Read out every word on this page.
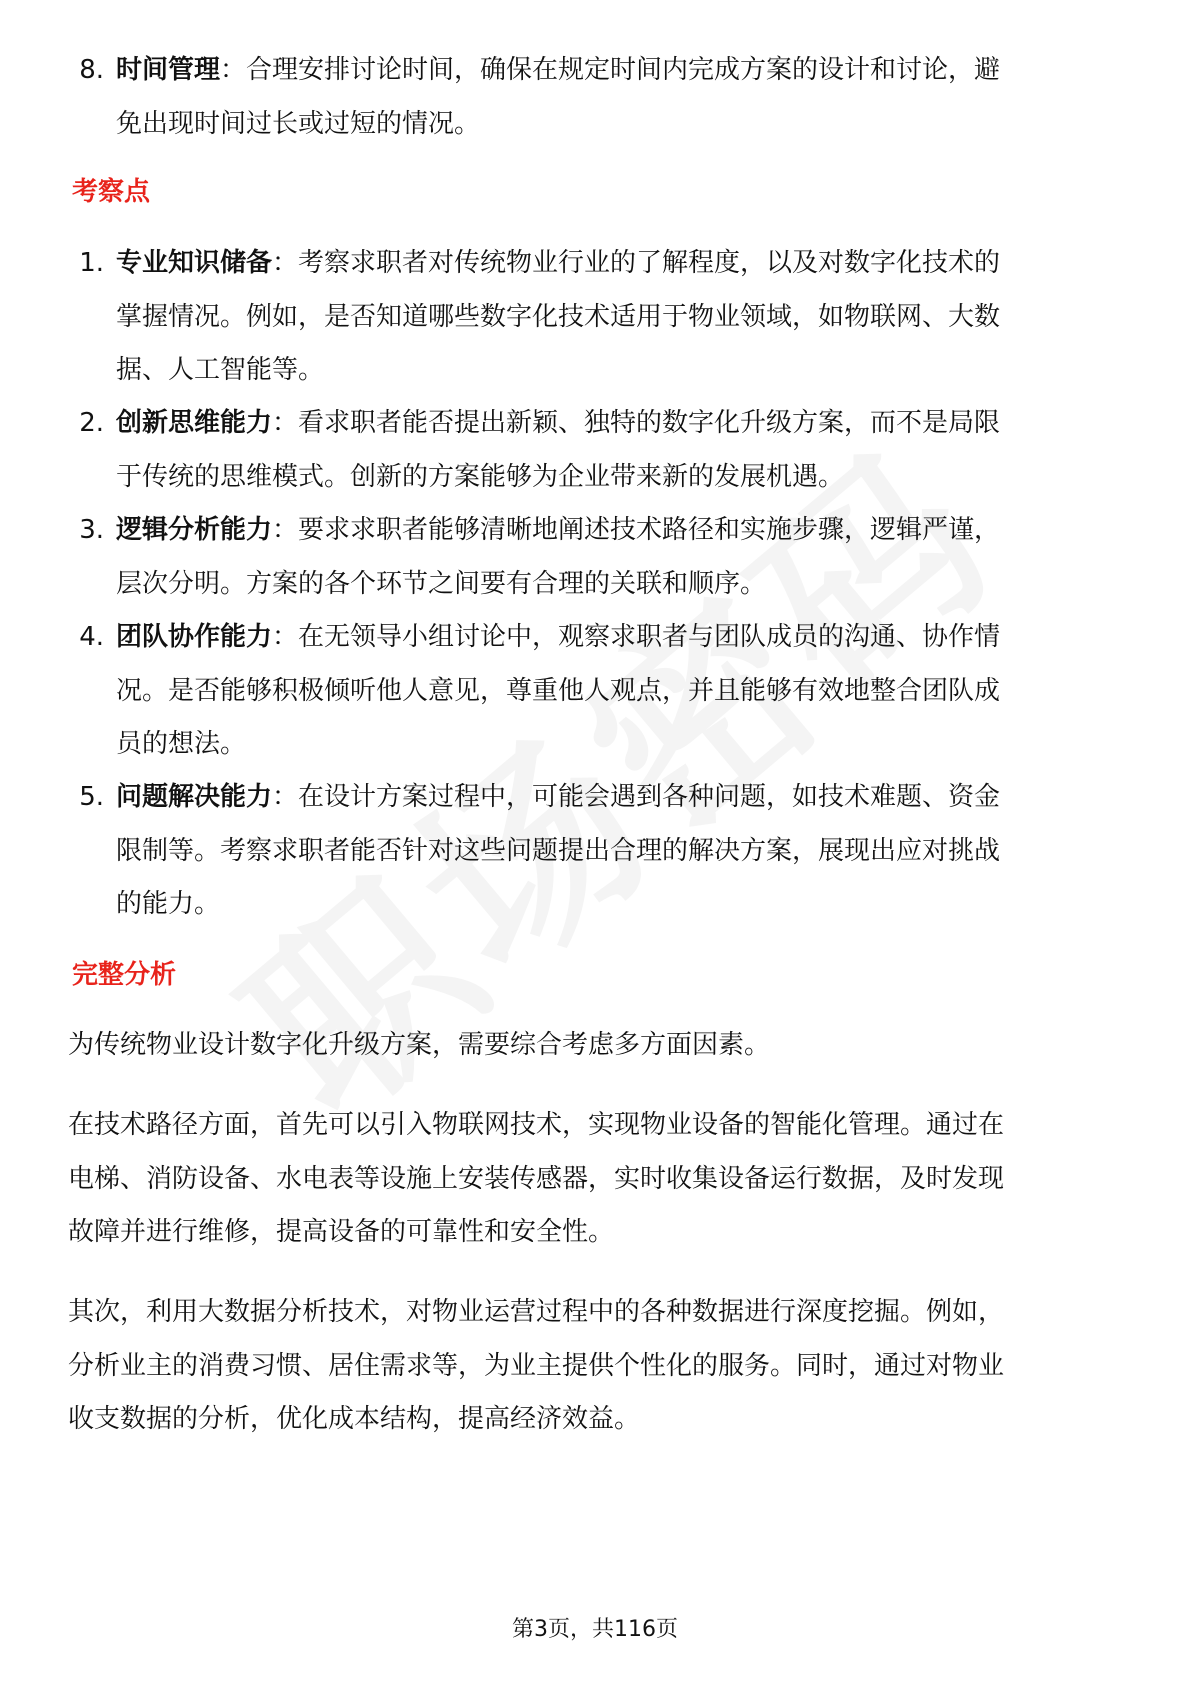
8. 时间管理：合理安排讨论时间，确保在规定时间内完成方案的设计和讨论，避
免出现时间过长或过短的情况。
考察点
1. 专业知识储备：考察求职者对传统物业行业的了解程度，以及对数字化技术的
掌握情况。例如，是否知道哪些数字化技术适用于物业领域，如物联网、大数
据、人工智能等。
2. 创新思维能力：看求职者能否提出新颖、独特的数字化升级方案，而不是局限
于传统的思维模式。创新的方案能够为企业带来新的发展机遇。
3. 逻辑分析能力：要求求职者能够清晰地阐述技术路径和实施步骤，逻辑严谨，
层次分明。方案的各个环节之间要有合理的关联和顺序。
4. 团队协作能力：在无领导小组讨论中，观察求职者与团队成员的沟通、协作情
况。是否能够积极倾听他人意见，尊重他人观点，并且能够有效地整合团队成
员的想法。
5. 问题解决能力：在设计方案过程中，可能会遇到各种问题，如技术难题、资金
限制等。考察求职者能否针对这些问题提出合理的解决方案，展现出应对挑战
的能力。
完整分析
为传统物业设计数字化升级方案，需要综合考虑多方面因素。
在技术路径方面，首先可以引入物联网技术，实现物业设备的智能化管理。通过在
电梯、消防设备、水电表等设施上安装传感器，实时收集设备运行数据，及时发现
故障并进行维修，提高设备的可靠性和安全性。
其次，利用大数据分析技术，对物业运营过程中的各种数据进行深度挖掘。例如，
分析业主的消费习惯、居住需求等，为业主提供个性化的服务。同时，通过对物业
收支数据的分析，优化成本结构，提高经济效益。
第3页，共116页
